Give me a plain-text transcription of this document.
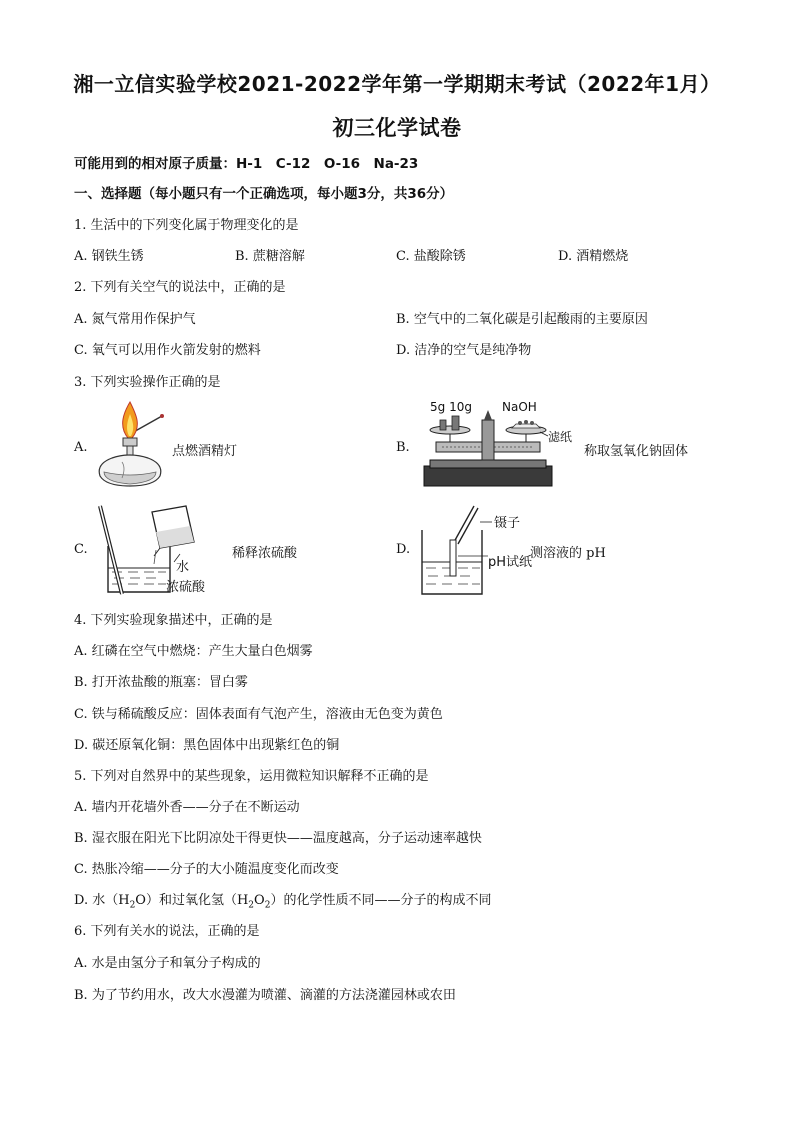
湘一立信实验学校2021-2022学年第一学期期末考试（2022年1月）
初三化学试卷
可能用到的相对原子质量：H-1　C-12　O-16　Na-23
一、选择题（每小题只有一个正确选项，每小题3分，共36分）
1. 生活中的下列变化属于物理变化的是
A. 钢铁生锈	B. 蔗糖溶解	C. 盐酸除锈	D. 酒精燃烧
2. 下列有关空气的说法中，正确的是
A. 氮气常用作保护气	B. 空气中的二氧化碳是引起酸雨的主要原因
C. 氧气可以用作火箭发射的燃料	D. 洁净的空气是纯净物
3. 下列实验操作正确的是
A.	点燃酒精灯	B.
5g 10g	NaOH
滤纸
称取氢氧化钠固体
C.
水
浓硫酸
稀释浓硫酸	D.
镊子
pH试纸
测溶液的 pH
4. 下列实验现象描述中，正确的是
A. 红磷在空气中燃烧：产生大量白色烟雾
B. 打开浓盐酸的瓶塞：冒白雾
C. 铁与稀硫酸反应：固体表面有气泡产生，溶液由无色变为黄色
D. 碳还原氧化铜：黑色固体中出现紫红色的铜
5. 下列对自然界中的某些现象，运用微粒知识解释不正确的是
A. 墙内开花墙外香——分子在不断运动
B. 湿衣服在阳光下比阴凉处干得更快——温度越高，分子运动速率越快
C. 热胀冷缩——分子的大小随温度变化而改变
D. 水$(H_2O)$和过氧化氢$(H_2O_2)$的化学性质不同——分子的构成不同
6. 下列有关水的说法，正确的是
A. 水是由氢分子和氧分子构成的
B. 为了节约用水，改大水漫灌为喷灌、滴灌的方法浇灌园林或农田
